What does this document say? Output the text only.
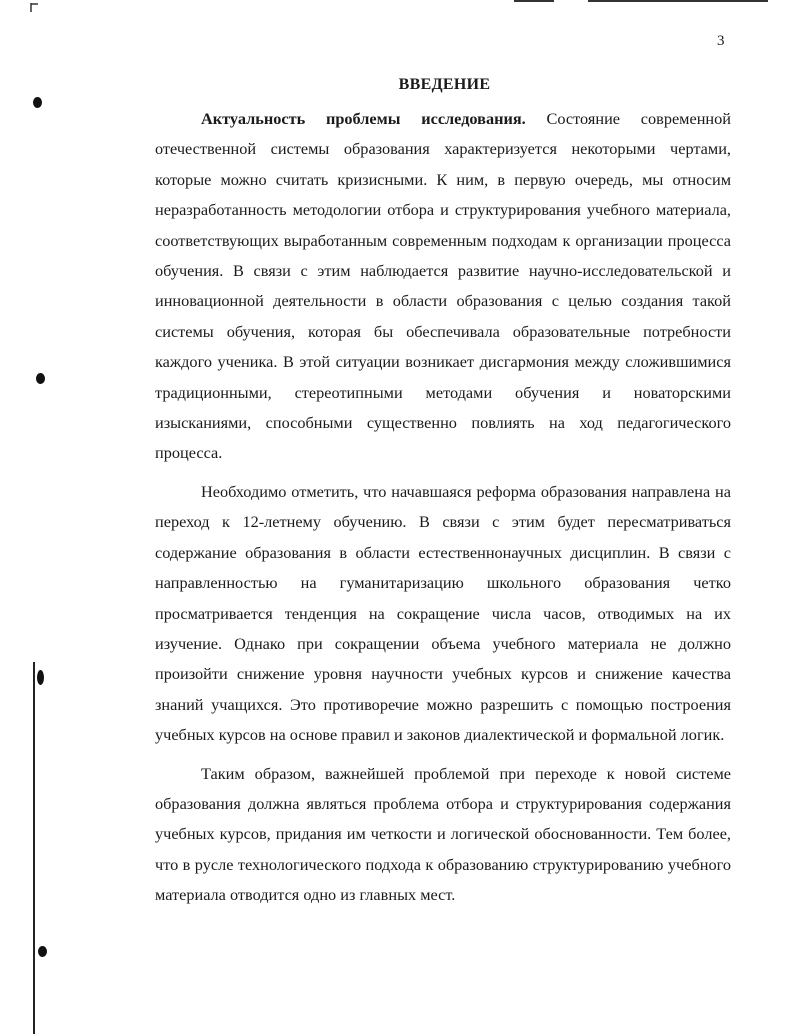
3
ВВЕДЕНИЕ

Актуальность проблемы исследования. Состояние современной отечественной системы образования характеризуется некоторыми чертами, которые можно считать кризисными. К ним, в первую очередь, мы относим неразработанность методологии отбора и структурирования учебного материала, соответствующих выработанным современным подходам к организации процесса обучения. В связи с этим наблюдается развитие научно-исследовательской и инновационной деятельности в области образования с целью создания такой системы обучения, которая бы обеспечивала образовательные потребности каждого ученика. В этой ситуации возникает дисгармония между сложившимися традиционными, стереотипными методами обучения и новаторскими изысканиями, способными существенно повлиять на ход педагогического процесса.

Необходимо отметить, что начавшаяся реформа образования направлена на переход к 12-летнему обучению. В связи с этим будет пересматриваться содержание образования в области естественнонаучных дисциплин. В связи с направленностью на гуманитаризацию школьного образования четко просматривается тенденция на сокращение числа часов, отводимых на их изучение. Однако при сокращении объема учебного материала не должно произойти снижение уровня научности учебных курсов и снижение качества знаний учащихся. Это противоречие можно разрешить с помощью построения учебных курсов на основе правил и законов диалектической и формальной логик.

Таким образом, важнейшей проблемой при переходе к новой системе образования должна являться проблема отбора и структурирования содержания учебных курсов, придания им четкости и логической обоснованности. Тем более, что в русле технологического подхода к образованию структурированию учебного материала отводится одно из главных мест.
